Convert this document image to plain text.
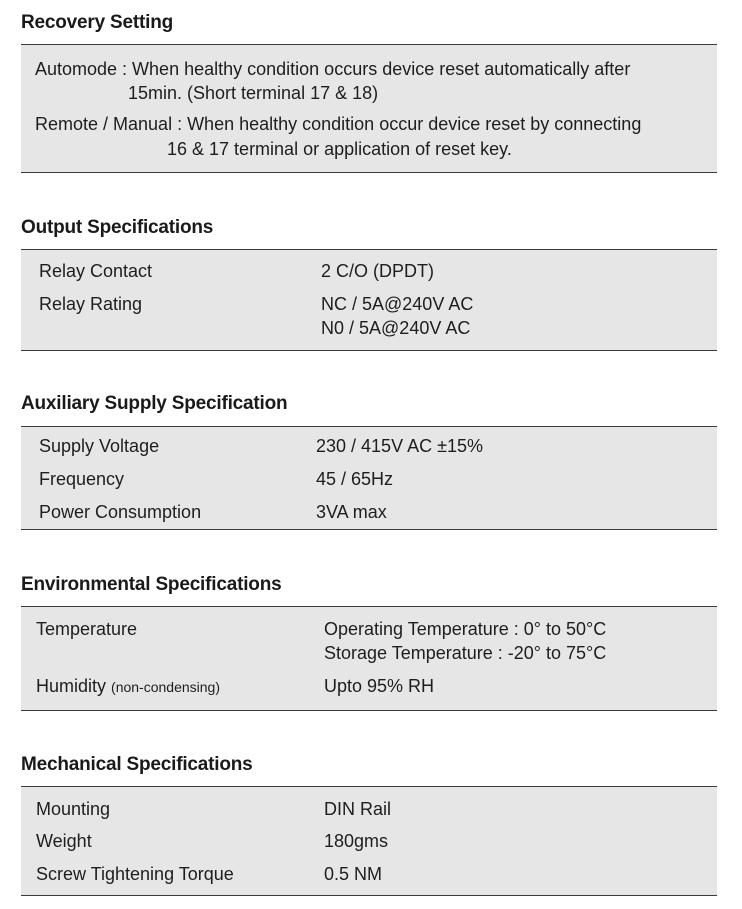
Recovery Setting
Automode : When healthy condition occurs device reset automatically after
15min. (Short terminal 17 & 18)
Remote / Manual : When healthy condition occur device reset by connecting
16 & 17 terminal or application of reset key.
Output Specifications
Relay Contact	2 C/O (DPDT)
Relay Rating	NC / 5A@240V AC
N0 / 5A@240V AC
Auxiliary Supply Specification
Supply Voltage	230 / 415V AC ±15%
Frequency	45 / 65Hz
Power Consumption	3VA max
Environmental Specifications
Temperature	Operating Temperature : 0° to 50°C
Storage Temperature : -20° to 75°C
Humidity (non-condensing)	Upto 95% RH
Mechanical Specifications
Mounting	DIN Rail
Weight	180gms
Screw Tightening Torque	0.5 NM
